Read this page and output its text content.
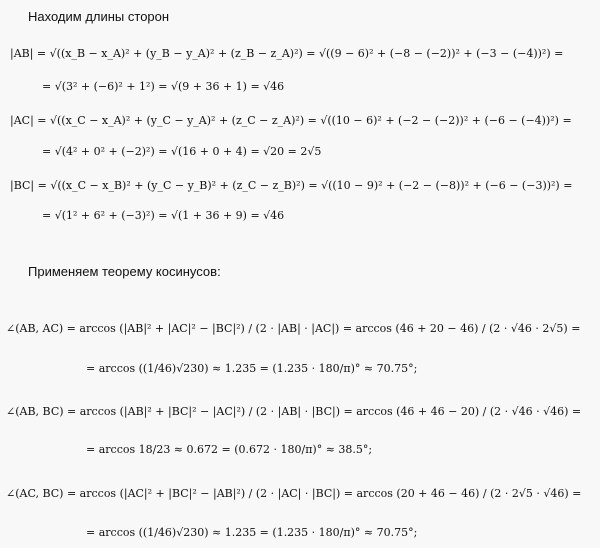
Находим длины сторон
|AB| = √((x_B − x_A)² + (y_B − y_A)² + (z_B − z_A)²) = √((9 − 6)² + (−8 − (−2))² + (−3 − (−4))²) =
= √(3² + (−6)² + 1²) = √(9 + 36 + 1) = √46
|AC| = √((x_C − x_A)² + (y_C − y_A)² + (z_C − z_A)²) = √((10 − 6)² + (−2 − (−2))² + (−6 − (−4))²) =
= √(4² + 0² + (−2)²) = √(16 + 0 + 4) = √20 = 2√5
|BC| = √((x_C − x_B)² + (y_C − y_B)² + (z_C − z_B)²) = √((10 − 9)² + (−2 − (−8))² + (−6 − (−3))²) =
= √(1² + 6² + (−3)²) = √(1 + 36 + 9) = √46
Применяем теорему косинусов:
∠(AB, AC) = arccos (|AB|² + |AC|² − |BC|²) / (2 · |AB| · |AC|) = arccos (46 + 20 − 46) / (2 · √46 · 2√5) =
= arccos ((1/46)√230) ≈ 1.235 = (1.235 · 180/π)° ≈ 70.75°;
∠(AB, BC) = arccos (|AB|² + |BC|² − |AC|²) / (2 · |AB| · |BC|) = arccos (46 + 46 − 20) / (2 · √46 · √46) =
= arccos 18/23 ≈ 0.672 = (0.672 · 180/π)° ≈ 38.5°;
∠(AC, BC) = arccos (|AC|² + |BC|² − |AB|²) / (2 · |AC| · |BC|) = arccos (20 + 46 − 46) / (2 · 2√5 · √46) =
= arccos ((1/46)√230) ≈ 1.235 = (1.235 · 180/π)° ≈ 70.75°;
